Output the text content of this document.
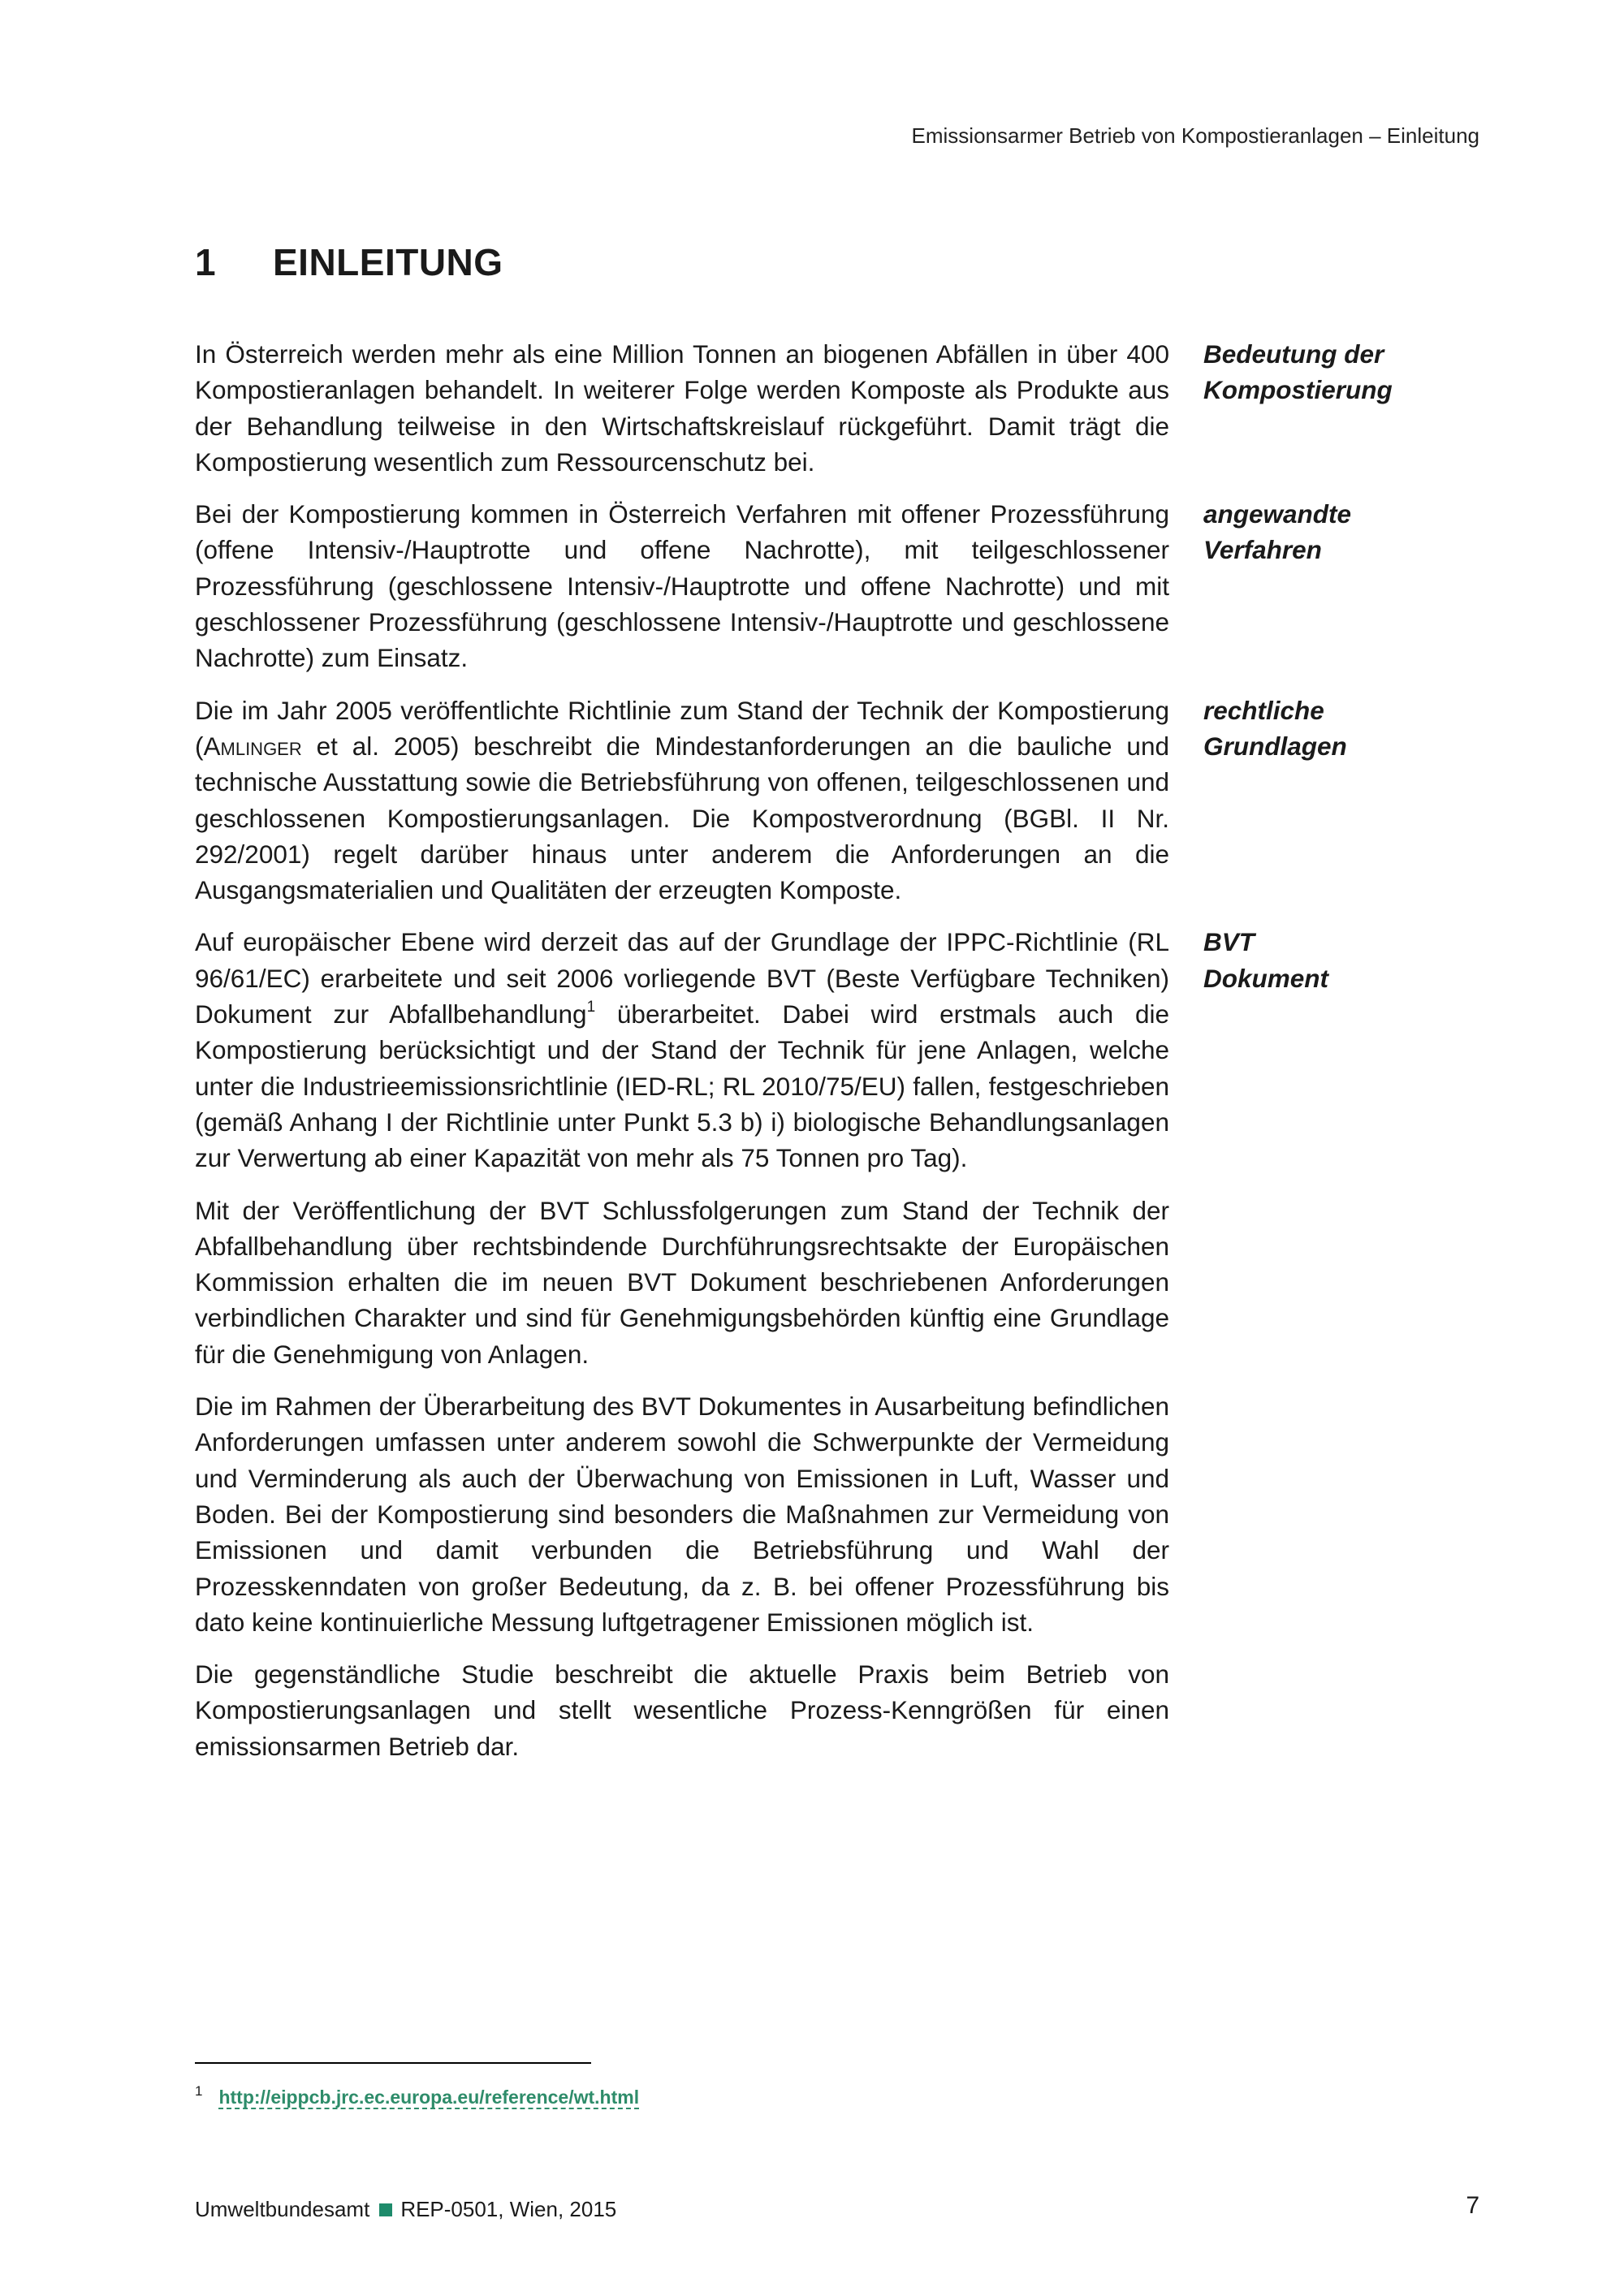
Emissionsarmer Betrieb von Kompostieranlagen – Einleitung
1 EINLEITUNG

In Österreich werden mehr als eine Million Tonnen an biogenen Abfällen in über 400 Kompostieranlagen behandelt. In weiterer Folge werden Komposte als Produkte aus der Behandlung teilweise in den Wirtschaftskreislauf rückgeführt. Damit trägt die Kompostierung wesentlich zum Ressourcenschutz bei.

Bedeutung der Kompostierung

Bei der Kompostierung kommen in Österreich Verfahren mit offener Prozessführung (offene Intensiv-/Hauptrotte und offene Nachrotte), mit teilgeschlossener Prozessführung (geschlossene Intensiv-/Hauptrotte und offene Nachrotte) und mit geschlossener Prozessführung (geschlossene Intensiv-/Hauptrotte und geschlossene Nachrotte) zum Einsatz.

angewandte Verfahren

Die im Jahr 2005 veröffentlichte Richtlinie zum Stand der Technik der Kompostierung (Amlinger et al. 2005) beschreibt die Mindestanforderungen an die bauliche und technische Ausstattung sowie die Betriebsführung von offenen, teilgeschlossenen und geschlossenen Kompostierungsanlagen. Die Kompostverordnung (BGBl. II Nr. 292/2001) regelt darüber hinaus unter anderem die Anforderungen an die Ausgangsmaterialien und Qualitäten der erzeugten Komposte.

rechtliche Grundlagen

Auf europäischer Ebene wird derzeit das auf der Grundlage der IPPC-Richtlinie (RL 96/61/EC) erarbeitete und seit 2006 vorliegende BVT (Beste Verfügbare Techniken) Dokument zur Abfallbehandlung$^1$ überarbeitet. Dabei wird erstmals auch die Kompostierung berücksichtigt und der Stand der Technik für jene Anlagen, welche unter die Industrieemissionsrichtlinie (IED-RL; RL 2010/75/EU) fallen, festgeschrieben (gemäß Anhang I der Richtlinie unter Punkt 5.3 b) i) biologische Behandlungsanlagen zur Verwertung ab einer Kapazität von mehr als 75 Tonnen pro Tag).

BVT Dokument

Mit der Veröffentlichung der BVT Schlussfolgerungen zum Stand der Technik der Abfallbehandlung über rechtsbindende Durchführungsrechtsakte der Europäischen Kommission erhalten die im neuen BVT Dokument beschriebenen Anforderungen verbindlichen Charakter und sind für Genehmigungsbehörden künftig eine Grundlage für die Genehmigung von Anlagen.

Die im Rahmen der Überarbeitung des BVT Dokumentes in Ausarbeitung befindlichen Anforderungen umfassen unter anderem sowohl die Schwerpunkte der Vermeidung und Verminderung als auch der Überwachung von Emissionen in Luft, Wasser und Boden. Bei der Kompostierung sind besonders die Maßnahmen zur Vermeidung von Emissionen und damit verbunden die Betriebsführung und Wahl der Prozesskenndaten von großer Bedeutung, da z. B. bei offener Prozessführung bis dato keine kontinuierliche Messung luftgetragener Emissionen möglich ist.

Die gegenständliche Studie beschreibt die aktuelle Praxis beim Betrieb von Kompostierungsanlagen und stellt wesentliche Prozess-Kenngrößen für einen emissionsarmen Betrieb dar.

$^1$ http://eippcb.jrc.ec.europa.eu/reference/wt.html
Umweltbundesamt REP-0501, Wien, 2015	7
